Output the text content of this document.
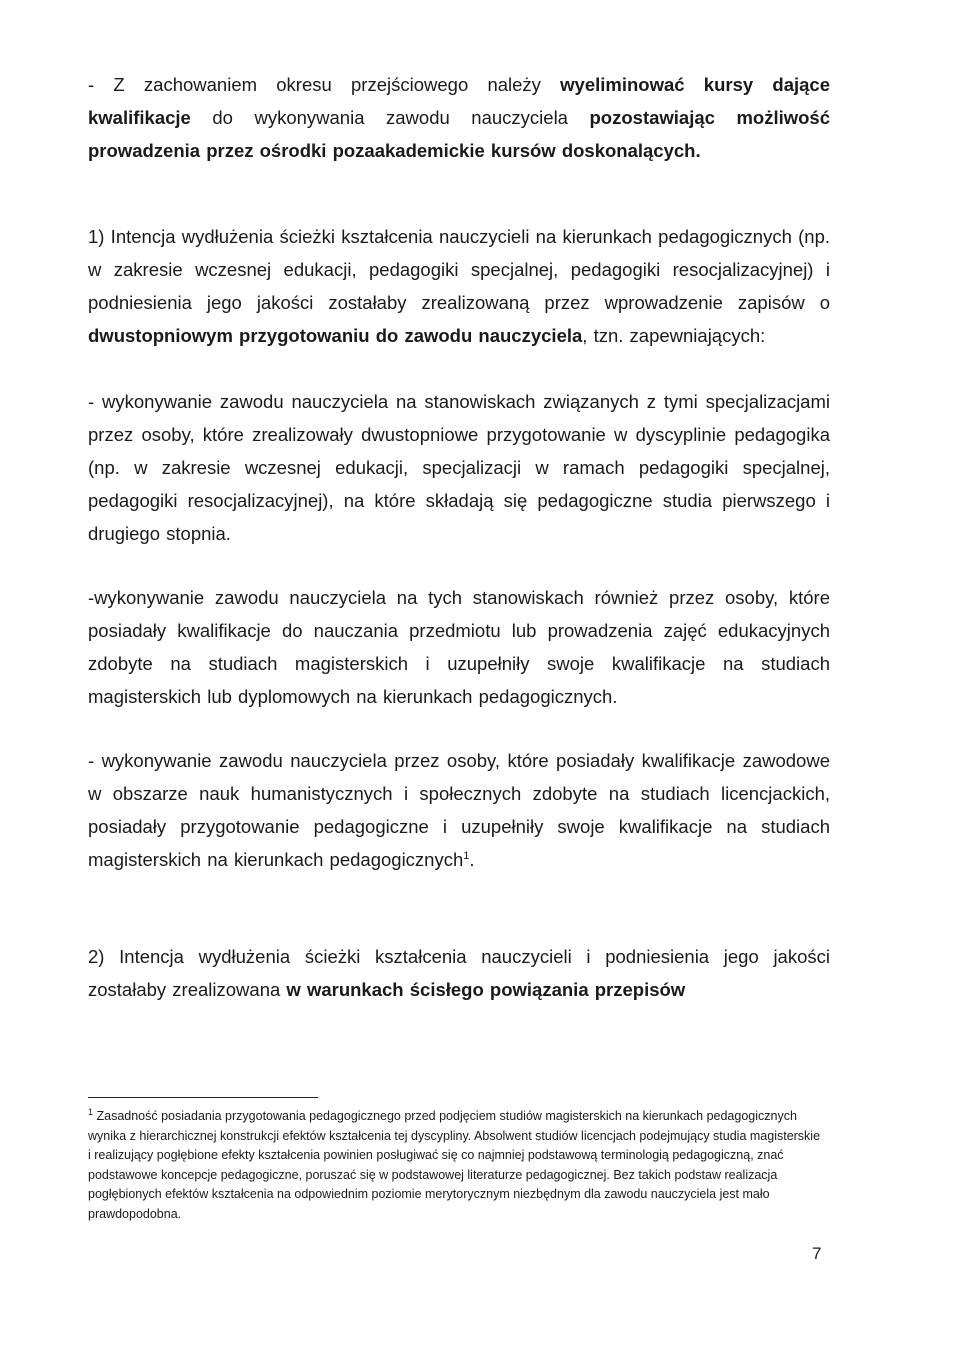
- Z zachowaniem okresu przejściowego należy wyeliminować kursy dające kwalifikacje do wykonywania zawodu nauczyciela pozostawiając możliwość prowadzenia przez ośrodki pozaakademickie kursów doskonalących.

1) Intencja wydłużenia ścieżki kształcenia nauczycieli na kierunkach pedagogicznych (np. w zakresie wczesnej edukacji, pedagogiki specjalnej, pedagogiki resocjalizacyjnej) i podniesienia jego jakości zostałaby zrealizowaną przez wprowadzenie zapisów o dwustopniowym przygotowaniu do zawodu nauczyciela, tzn. zapewniających:

- wykonywanie zawodu nauczyciela na stanowiskach związanych z tymi specjalizacjami przez osoby, które zrealizowały dwustopniowe przygotowanie w dyscyplinie pedagogika (np. w zakresie wczesnej edukacji, specjalizacji w ramach pedagogiki specjalnej, pedagogiki resocjalizacyjnej), na które składają się pedagogiczne studia pierwszego i drugiego stopnia.

-wykonywanie zawodu nauczyciela na tych stanowiskach również przez osoby, które posiadały kwalifikacje do nauczania przedmiotu lub prowadzenia zajęć edukacyjnych zdobyte na studiach magisterskich i uzupełniły swoje kwalifikacje na studiach magisterskich lub dyplomowych na kierunkach pedagogicznych.

- wykonywanie zawodu nauczyciela przez osoby, które posiadały kwalifikacje zawodowe w obszarze nauk humanistycznych i społecznych zdobyte na studiach licencjackich, posiadały przygotowanie pedagogiczne i uzupełniły swoje kwalifikacje na studiach magisterskich na kierunkach pedagogicznych$^1$.

2) Intencja wydłużenia ścieżki kształcenia nauczycieli i podniesienia jego jakości zostałaby zrealizowana w warunkach ścisłego powiązania przepisów

$^1$ Zasadność posiadania przygotowania pedagogicznego przed podjęciem studiów magisterskich na kierunkach pedagogicznych wynika z hierarchicznej konstrukcji efektów kształcenia tej dyscypliny. Absolwent studiów licencjach podejmujący studia magisterskie i realizujący pogłębione efekty kształcenia powinien posługiwać się co najmniej podstawową terminologią pedagogiczną, znać podstawowe koncepcje pedagogiczne, poruszać się w podstawowej literaturze pedagogicznej. Bez takich podstaw realizacja pogłębionych efektów kształcenia na odpowiednim poziomie merytorycznym niezbędnym dla zawodu nauczyciela jest mało prawdopodobna.

7
